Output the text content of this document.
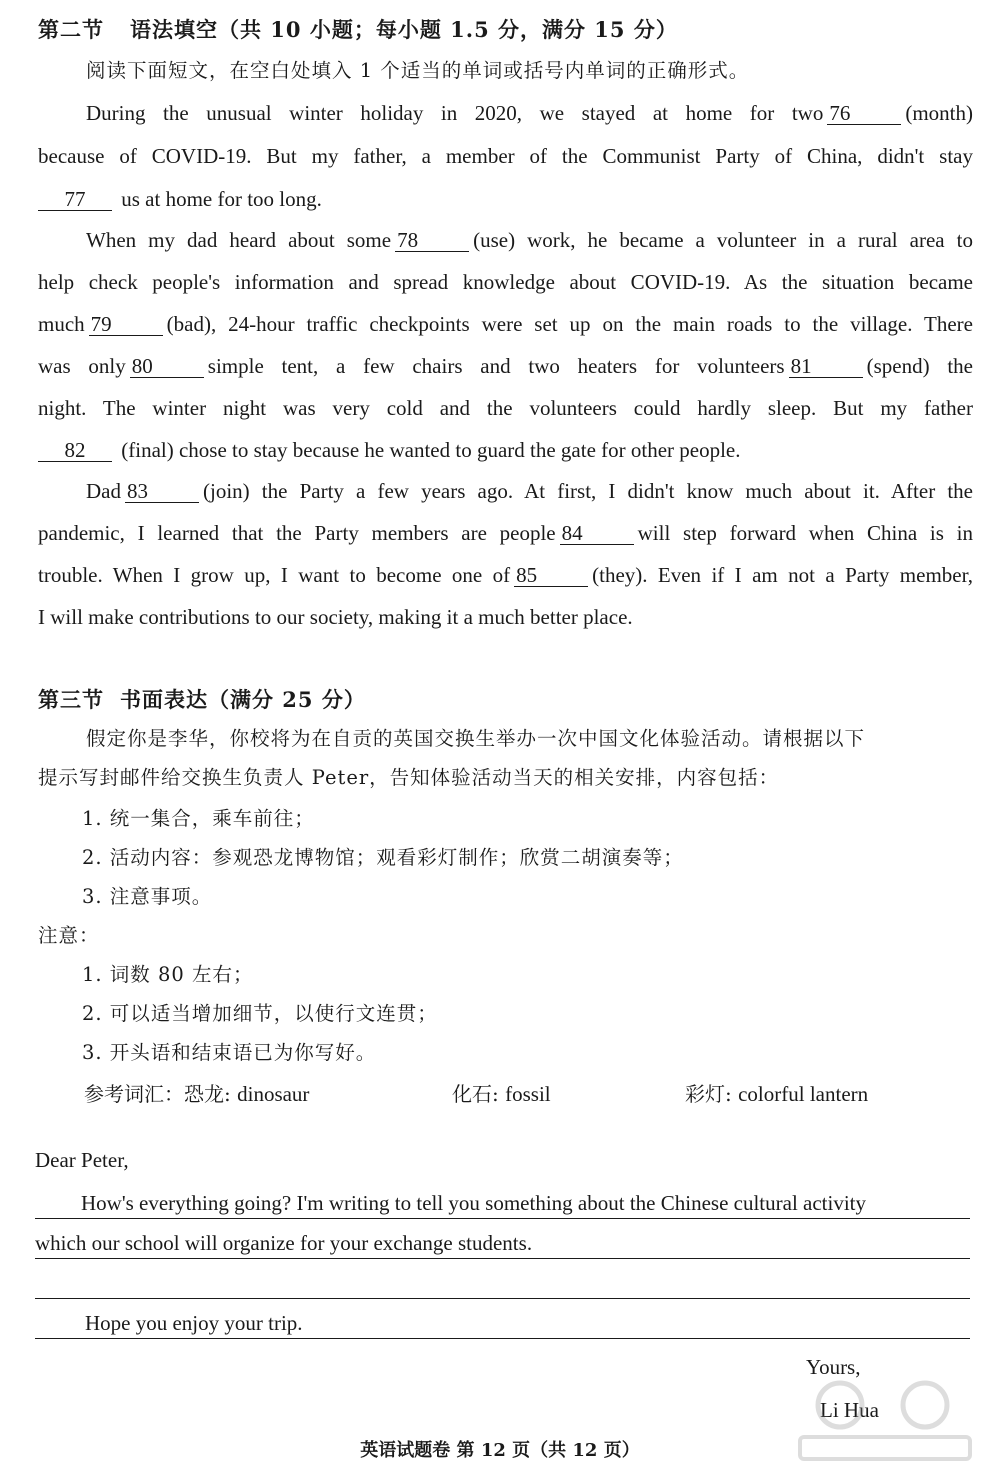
第二节 语法填空（共 10 小题；每小题 1.5 分，满分 15 分）
阅读下面短文，在空白处填入 1 个适当的单词或括号内单词的正确形式。
During the unusual winter holiday in 2020, we stayed at home for two 76	(month)
because of COVID-19. But my father, a member of the Communist Party of China, didn't stay
77 us at home for too long.
When my dad heard about some 78	(use) work, he became a volunteer in a rural area to
help check people's information and spread knowledge about COVID-19. As the situation became
much 79	(bad), 24-hour traffic checkpoints were set up on the main roads to the village. There
was only 80	simple tent, a few chairs and two heaters for volunteers 81	(spend) the
night. The winter night was very cold and the volunteers could hardly sleep. But my father
82 (final) chose to stay because he wanted to guard the gate for other people.
Dad 83	(join) the Party a few years ago. At first, I didn't know much about it. After the
pandemic, I learned that the Party members are people 84	will step forward when China is in
trouble. When I grow up, I want to become one of 85	(they). Even if I am not a Party member,
I will make contributions to our society, making it a much better place.
第三节 书面表达（满分 25 分）
假定你是李华，你校将为在自贡的英国交换生举办一次中国文化体验活动。请根据以下
提示写封邮件给交换生负责人 Peter，告知体验活动当天的相关安排，内容包括：
1. 统一集合，乘车前往；
2. 活动内容：参观恐龙博物馆；观看彩灯制作；欣赏二胡演奏等；
3. 注意事项。
注意：
1. 词数 80 左右；
2. 可以适当增加细节，以使行文连贯；
3. 开头语和结束语已为你写好。
参考词汇：恐龙: dinosaur	化石: fossil	彩灯: colorful lantern
Dear Peter,
How's everything going? I'm writing to tell you something about the Chinese cultural activity
which our school will organize for your exchange students.
Hope you enjoy your trip.
Yours,
Li Hua
英语试题卷 第 12 页（共 12 页）
